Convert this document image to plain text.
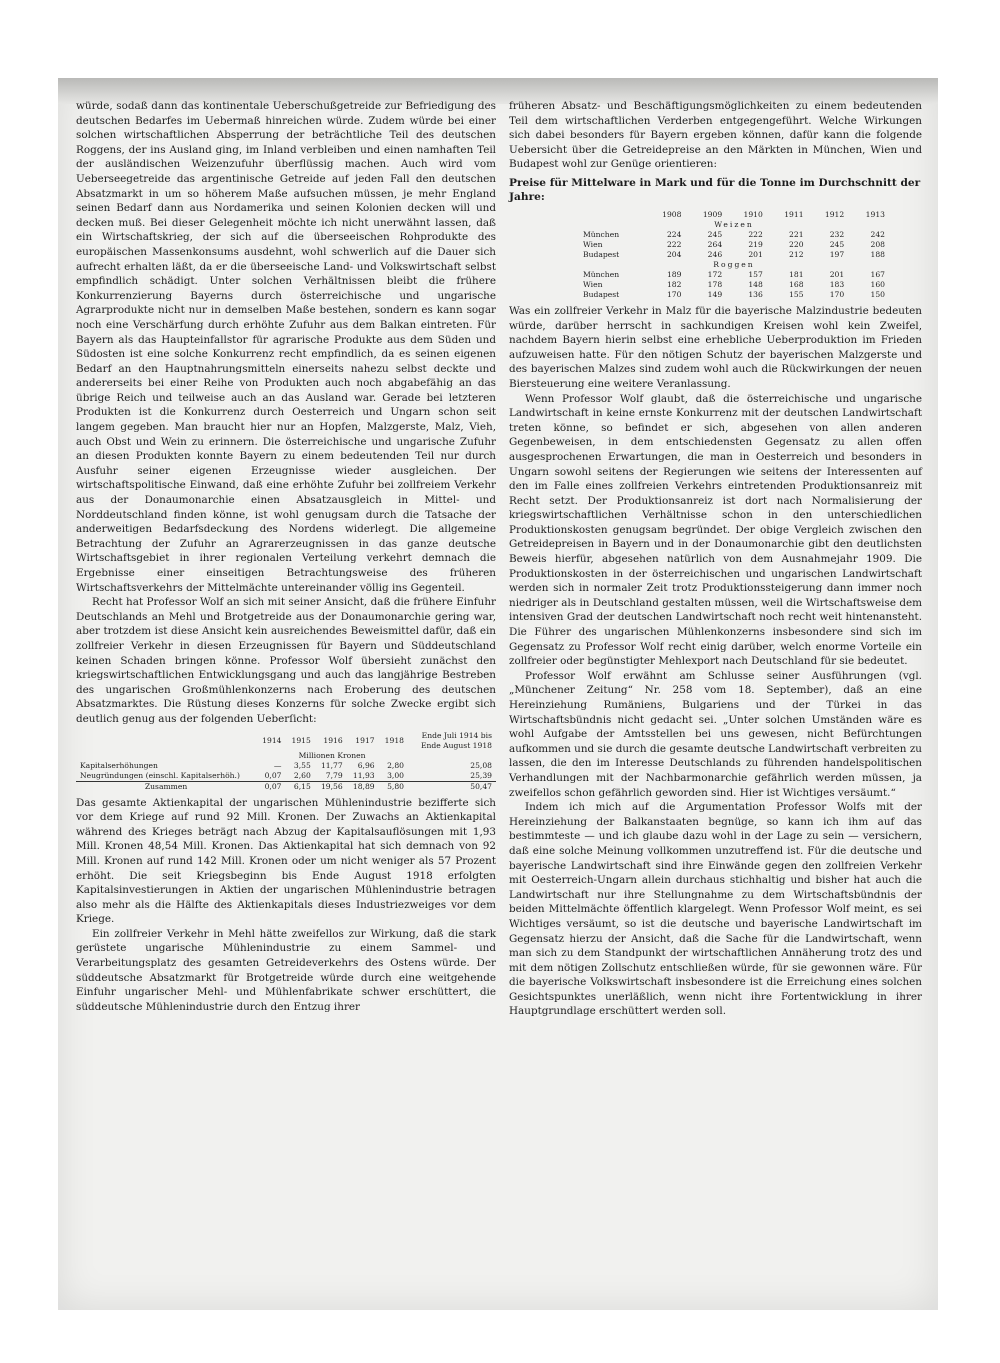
würde, sodaß dann das kontinentale Ueberschußgetreide zur Befriedigung des deutschen Bedarfes im Uebermaß hinreichen würde. Zudem würde bei einer solchen wirtschaftlichen Absperrung der beträchtliche Teil des deutschen Roggens, der ins Ausland ging, im Inland verbleiben und einen namhaften Teil der ausländischen Weizenzufuhr überflüssig machen. Auch wird vom Ueberseegetreide das argentinische Getreide auf jeden Fall den deutschen Absatzmarkt in um so höherem Maße aufsuchen müssen, je mehr England seinen Bedarf dann aus Nordamerika und seinen Kolonien decken will und decken muß. Bei dieser Gelegenheit möchte ich nicht unerwähnt lassen, daß ein Wirtschaftskrieg, der sich auf die überseeischen Rohprodukte des europäischen Massenkonsums ausdehnt, wohl schwerlich auf die Dauer sich aufrecht erhalten läßt, da er die überseeische Land- und Volkswirtschaft selbst empfindlich schädigt. Unter solchen Verhältnissen bleibt die frühere Konkurrenzierung Bayerns durch österreichische und ungarische Agrarprodukte nicht nur in demselben Maße bestehen, sondern es kann sogar noch eine Verschärfung durch erhöhte Zufuhr aus dem Balkan eintreten. Für Bayern als das Haupteinfallstor für agrarische Produkte aus dem Süden und Südosten ist eine solche Konkurrenz recht empfindlich, da es seinen eigenen Bedarf an den Hauptnahrungsmitteln einerseits nahezu selbst deckte und andererseits bei einer Reihe von Produkten auch noch abgabefähig an das übrige Reich und teilweise auch an das Ausland war. Gerade bei letzteren Produkten ist die Konkurrenz durch Oesterreich und Ungarn schon seit langem gegeben. Man braucht hier nur an Hopfen, Malzgerste, Malz, Vieh, auch Obst und Wein zu erinnern. Die österreichische und ungarische Zufuhr an diesen Produkten konnte Bayern zu einem bedeutenden Teil nur durch Ausfuhr seiner eigenen Erzeugnisse wieder ausgleichen. Der wirtschaftspolitische Einwand, daß eine erhöhte Zufuhr bei zollfreiem Verkehr aus der Donaumonarchie einen Absatzausgleich in Mittel- und Norddeutschland finden könne, ist wohl genugsam durch die Tatsache der anderweitigen Bedarfsdeckung des Nordens widerlegt. Die allgemeine Betrachtung der Zufuhr an Agrarerzeugnissen in das ganze deutsche Wirtschaftsgebiet in ihrer regionalen Verteilung verkehrt demnach die Ergebnisse einer einseitigen Betrachtungsweise des früheren Wirtschaftsverkehrs der Mittelmächte untereinander völlig ins Gegenteil.

Recht hat Professor Wolf an sich mit seiner Ansicht, daß die frühere Einfuhr Deutschlands an Mehl und Brotgetreide aus der Donaumonarchie gering war, aber trotzdem ist diese Ansicht kein ausreichendes Beweismittel dafür, daß ein zollfreier Verkehr in diesen Erzeugnissen für Bayern und Süddeutschland keinen Schaden bringen könne. Professor Wolf übersieht zunächst den kriegswirtschaftlichen Entwicklungsgang und auch das langjährige Bestreben des ungarischen Großmühlenkonzerns nach Eroberung des deutschen Absatzmarktes. Die Rüstung dieses Konzerns für solche Zwecke ergibt sich deutlich genug aus der folgenden Ueberſicht:

	1914	1915	1916	1917	1918	Ende Juli 1914 bis Ende August 1918
		Millionen Kronen				
Kapitalserhöhungen	—	3,55	11,77	6,96	2,80	25,08
Neugründungen (einschl. Kapitalserhöh.)	0,07	2,60	7,79	11,93	3,00	25,39
Zusammen	0,07	6,15	19,56	18,89	5,80	50,47

Das gesamte Aktienkapital der ungarischen Mühlenindustrie bezifferte sich vor dem Kriege auf rund 92 Mill. Kronen. Der Zuwachs an Aktienkapital während des Krieges beträgt nach Abzug der Kapitalsauflösungen mit 1,93 Mill. Kronen 48,54 Mill. Kronen. Das Aktienkapital hat sich demnach von 92 Mill. Kronen auf rund 142 Mill. Kronen oder um nicht weniger als 57 Prozent erhöht. Die seit Kriegsbeginn bis Ende August 1918 erfolgten Kapitalsinvestierungen in Aktien der ungarischen Mühlenindustrie betragen also mehr als die Hälfte des Aktienkapitals dieses Industriezweiges vor dem Kriege.

Ein zollfreier Verkehr in Mehl hätte zweifellos zur Wirkung, daß die stark gerüstete ungarische Mühlenindustrie zu einem Sammel- und Verarbeitungsplatz des gesamten Getreideverkehrs des Ostens würde. Der süddeutsche Absatzmarkt für Brotgetreide würde durch eine weitgehende Einfuhr ungarischer Mehl- und Mühlenfabrikate schwer erschüttert, die süddeutsche Mühlenindustrie durch den Entzug ihrer

früheren Absatz- und Beschäftigungsmöglichkeiten zu einem bedeutenden Teil dem wirtschaftlichen Verderben entgegengeführt. Welche Wirkungen sich dabei besonders für Bayern ergeben können, dafür kann die folgende Uebersicht über die Getreidepreise an den Märkten in München, Wien und Budapest wohl zur Genüge orientieren:

Preise für Mittelware in Mark und für die Tonne im Durchschnitt der Jahre:
	1908	1909	1910	1911	1912	1913
Weizen						
München	224	245	222	221	232	242
Wien	222	264	219	220	245	208
Budapest	204	246	201	212	197	188
Roggen						
München	189	172	157	181	201	167
Wien	182	178	148	168	183	160
Budapest	170	149	136	155	170	150

Was ein zollfreier Verkehr in Malz für die bayerische Malzindustrie bedeuten würde, darüber herrscht in sachkundigen Kreisen wohl kein Zweifel, nachdem Bayern hierin selbst eine erhebliche Ueberproduktion im Frieden aufzuweisen hatte. Für den nötigen Schutz der bayerischen Malzgerste und des bayerischen Malzes sind zudem wohl auch die Rückwirkungen der neuen Biersteuerung eine weitere Veranlassung.

Wenn Professor Wolf glaubt, daß die österreichische und ungarische Landwirtschaft in keine ernste Konkurrenz mit der deutschen Landwirtschaft treten könne, so befindet er sich, abgesehen von allen anderen Gegenbeweisen, in dem entschiedensten Gegensatz zu allen offen ausgesprochenen Erwartungen, die man in Oesterreich und besonders in Ungarn sowohl seitens der Regierungen wie seitens der Interessenten auf den im Falle eines zollfreien Verkehrs eintretenden Produktionsanreiz mit Recht setzt. Der Produktionsanreiz ist dort nach Normalisierung der kriegswirtschaftlichen Verhältnisse schon in den unterschiedlichen Produktionskosten genugsam begründet. Der obige Vergleich zwischen den Getreidepreisen in Bayern und in der Donaumonarchie gibt den deutlichsten Beweis hierfür, abgesehen natürlich von dem Ausnahmejahr 1909. Die Produktionskosten in der österreichischen und ungarischen Landwirtschaft werden sich in normaler Zeit trotz Produktionssteigerung dann immer noch niedriger als in Deutschland gestalten müssen, weil die Wirtschaftsweise dem intensiven Grad der deutschen Landwirtschaft noch recht weit hintenansteht. Die Führer des ungarischen Mühlenkonzerns insbesondere sind sich im Gegensatz zu Professor Wolf recht einig darüber, welch enorme Vorteile ein zollfreier oder begünstigter Mehlexport nach Deutschland für sie bedeutet.

Professor Wolf erwähnt am Schlusse seiner Ausführungen (vgl. „Münchener Zeitung“ Nr. 258 vom 18. September), daß an eine Hereinziehung Rumäniens, Bulgariens und der Türkei in das Wirtschaftsbündnis nicht gedacht sei. „Unter solchen Umständen wäre es wohl Aufgabe der Amtsstellen bei uns gewesen, nicht Befürchtungen aufkommen und sie durch die gesamte deutsche Landwirtschaft verbreiten zu lassen, die den im Interesse Deutschlands zu führenden handelspolitischen Verhandlungen mit der Nachbarmonarchie gefährlich werden müssen, ja zweifellos schon gefährlich geworden sind. Hier ist Wichtiges versäumt.“

Indem ich mich auf die Argumentation Professor Wolfs mit der Hereinziehung der Balkanstaaten begnüge, so kann ich ihm auf das bestimmteste — und ich glaube dazu wohl in der Lage zu sein — versichern, daß eine solche Meinung vollkommen unzutreffend ist. Für die deutsche und bayerische Landwirtschaft sind ihre Einwände gegen den zollfreien Verkehr mit Oesterreich-Ungarn allein durchaus stichhaltig und bisher hat auch die Landwirtschaft nur ihre Stellungnahme zu dem Wirtschaftsbündnis der beiden Mittelmächte öffentlich klargelegt. Wenn Professor Wolf meint, es sei Wichtiges versäumt, so ist die deutsche und bayerische Landwirtschaft im Gegensatz hierzu der Ansicht, daß die Sache für die Landwirtschaft, wenn man sich zu dem Standpunkt der wirtschaftlichen Annäherung trotz des und mit dem nötigen Zollschutz entschließen würde, für sie gewonnen wäre. Für die bayerische Volkswirtschaft insbesondere ist die Erreichung eines solchen Gesichtspunktes unerläßlich, wenn nicht ihre Fortentwicklung in ihrer Hauptgrundlage erschüttert werden soll.
